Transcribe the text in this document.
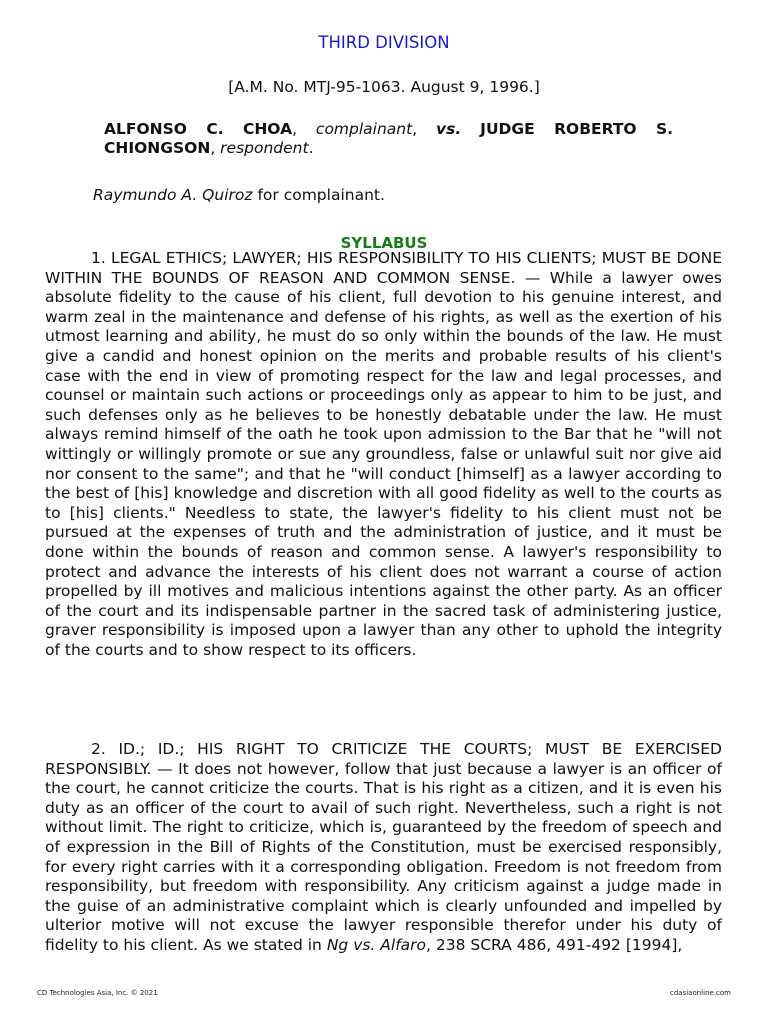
THIRD DIVISION
[A.M. No. MTJ-95-1063. August 9, 1996.]
ALFONSO C. CHOA, complainant, vs. JUDGE ROBERTO S. CHIONGSON, respondent.
Raymundo A. Quiroz for complainant.
SYLLABUS

1. LEGAL ETHICS; LAWYER; HIS RESPONSIBILITY TO HIS CLIENTS; MUST BE DONE WITHIN THE BOUNDS OF REASON AND COMMON SENSE. — While a lawyer owes absolute fidelity to the cause of his client, full devotion to his genuine interest, and warm zeal in the maintenance and defense of his rights, as well as the exertion of his utmost learning and ability, he must do so only within the bounds of the law. He must give a candid and honest opinion on the merits and probable results of his client's case with the end in view of promoting respect for the law and legal processes, and counsel or maintain such actions or proceedings only as appear to him to be just, and such defenses only as he believes to be honestly debatable under the law. He must always remind himself of the oath he took upon admission to the Bar that he "will not wittingly or willingly promote or sue any groundless, false or unlawful suit nor give aid nor consent to the same"; and that he "will conduct [himself] as a lawyer according to the best of [his] knowledge and discretion with all good fidelity as well to the courts as to [his] clients." Needless to state, the lawyer's fidelity to his client must not be pursued at the expenses of truth and the administration of justice, and it must be done within the bounds of reason and common sense. A lawyer's responsibility to protect and advance the interests of his client does not warrant a course of action propelled by ill motives and malicious intentions against the other party. As an officer of the court and its indispensable partner in the sacred task of administering justice, graver responsibility is imposed upon a lawyer than any other to uphold the integrity of the courts and to show respect to its officers.

2. ID.; ID.; HIS RIGHT TO CRITICIZE THE COURTS; MUST BE EXERCISED RESPONSIBLY. — It does not however, follow that just because a lawyer is an officer of the court, he cannot criticize the courts. That is his right as a citizen, and it is even his duty as an officer of the court to avail of such right. Nevertheless, such a right is not without limit. The right to criticize, which is, guaranteed by the freedom of speech and of expression in the Bill of Rights of the Constitution, must be exercised responsibly, for every right carries with it a corresponding obligation. Freedom is not freedom from responsibility, but freedom with responsibility. Any criticism against a judge made in the guise of an administrative complaint which is clearly unfounded and impelled by ulterior motive will not excuse the lawyer responsible therefor under his duty of fidelity to his client. As we stated in Ng vs. Alfaro, 238 SCRA 486, 491-492 [1994],

CD Technologies Asia, Inc. © 2021	cdasiaonline.com
